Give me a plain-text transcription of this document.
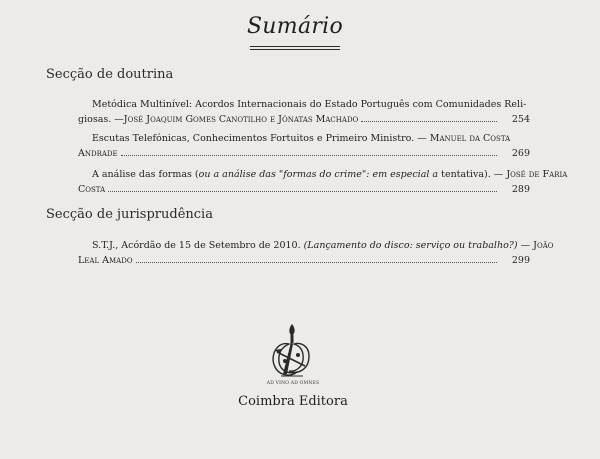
Sumário
Secção de doutrina
Metódica Multinível: Acordos Internacionais do Estado Português com Comunidades Reli-
giosas. — José Joaquim Gomes Canotilho e Jónatas Machado	254
Escutas Telefónicas, Conhecimentos Fortuitos e Primeiro Ministro. — Manuel da Costa
Andrade	269
A análise das formas (ou a análise das "formas do crime": em especial a tentativa). — José de Faria
Costa	289
Secção de jurisprudência
S.T.J., Acórdão de 15 de Setembro de 2010. (Lançamento do disco: serviço ou trabalho?) — João
Leal Amado	299
AD VINO AD OMNES
Coimbra Editora
